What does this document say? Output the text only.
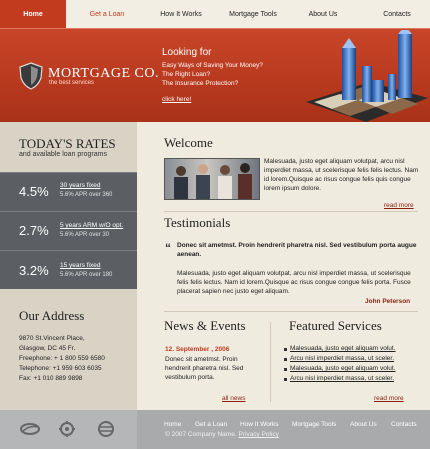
Home	Get a Loan	How It Works	Mortgage Tools	About Us	Contacts
MORTGAGE CO.
the best services
Looking for
Easy Ways of Saving Your Money?
The Right Loan?
The Insurance Protection?
click here!
TODAY'S RATES
and available loan programs
4.5% 30 years fixed
5.6% APR over 360
2.7% 5 years ARM w/O opt.
5.6% APR over 30
3.2% 15 years fixed
5.6% APR over 180
Our Address
9870 St.Vincent Place,
Glasgow, DC 45 Fr.
Freephone: + 1 800 559 6580
Telephone: +1 959 603 6035
Fax: +1 010 889 9898
Welcome
Malesuada, justo eget aliquam volutpat, arcu nisl imperdiet massa, ut scelerisque felis felis lectus. Nam id lorem.Quisque ac risus congue felis quis congue lorem ipsum dolore.
read more
Testimonials
“ Donec sit ametmst. Proin hendrerit pharetra nisl. Sed vestibulum porta augue aenean.
Malesuada, justo eget aliquam volutpat, arcu nisl imperdiet massa, ut scelerisque felis felis lectus. Nam id lorem.Quisque ac risus congue congue felis porta. Fusce placerat sapien nec justo eget aliquam.
John Peterson
News & Events
12. September , 2006
Donec sit ametmst. Proin hendrerit pharetra nisl. Sed vestibulum porta.
all news
Featured Services
Malesuada, justo eget aliquam volut.
Arcu nisl imperdiet massa, ut sceler.
Malesuada, justo eget aliquam volut.
Arcu nisl imperdiet massa, ut sceler.
read more
Home Get a Loan How It Works Mortgage Tools About Us Contacts
© 2007 Company Name. Privacy Policy
